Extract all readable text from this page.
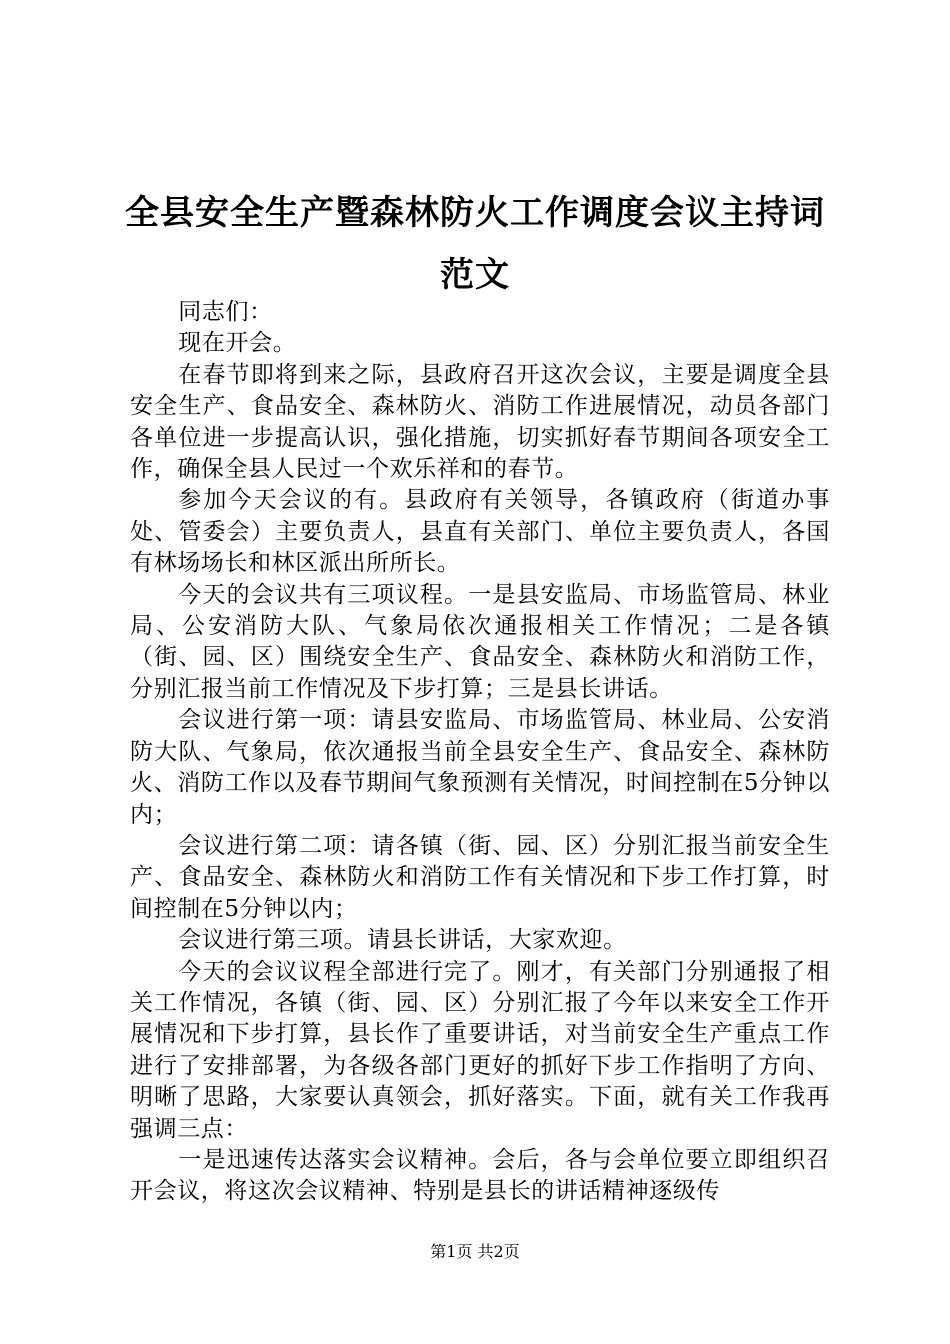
全县安全生产暨森林防火工作调度会议主持词范文

同志们：

现在开会。

在春节即将到来之际，县政府召开这次会议，主要是调度全县安全生产、食品安全、森林防火、消防工作进展情况，动员各部门各单位进一步提高认识，强化措施，切实抓好春节期间各项安全工作，确保全县人民过一个欢乐祥和的春节。

参加今天会议的有。县政府有关领导，各镇政府（街道办事处、管委会）主要负责人，县直有关部门、单位主要负责人，各国有林场场长和林区派出所所长。

今天的会议共有三项议程。一是县安监局、市场监管局、林业局、公安消防大队、气象局依次通报相关工作情况；二是各镇（街、园、区）围绕安全生产、食品安全、森林防火和消防工作，分别汇报当前工作情况及下步打算；三是县长讲话。

会议进行第一项：请县安监局、市场监管局、林业局、公安消防大队、气象局，依次通报当前全县安全生产、食品安全、森林防火、消防工作以及春节期间气象预测有关情况，时间控制在5分钟以内；

会议进行第二项：请各镇（街、园、区）分别汇报当前安全生产、食品安全、森林防火和消防工作有关情况和下步工作打算，时间控制在5分钟以内；

会议进行第三项。请县长讲话，大家欢迎。

今天的会议议程全部进行完了。刚才，有关部门分别通报了相关工作情况，各镇（街、园、区）分别汇报了今年以来安全工作开展情况和下步打算，县长作了重要讲话，对当前安全生产重点工作进行了安排部署，为各级各部门更好的抓好下步工作指明了方向、明晰了思路，大家要认真领会，抓好落实。下面，就有关工作我再强调三点：

一是迅速传达落实会议精神。会后，各与会单位要立即组织召开会议，将这次会议精神、特别是县长的讲话精神逐级传

第1页 共2页
